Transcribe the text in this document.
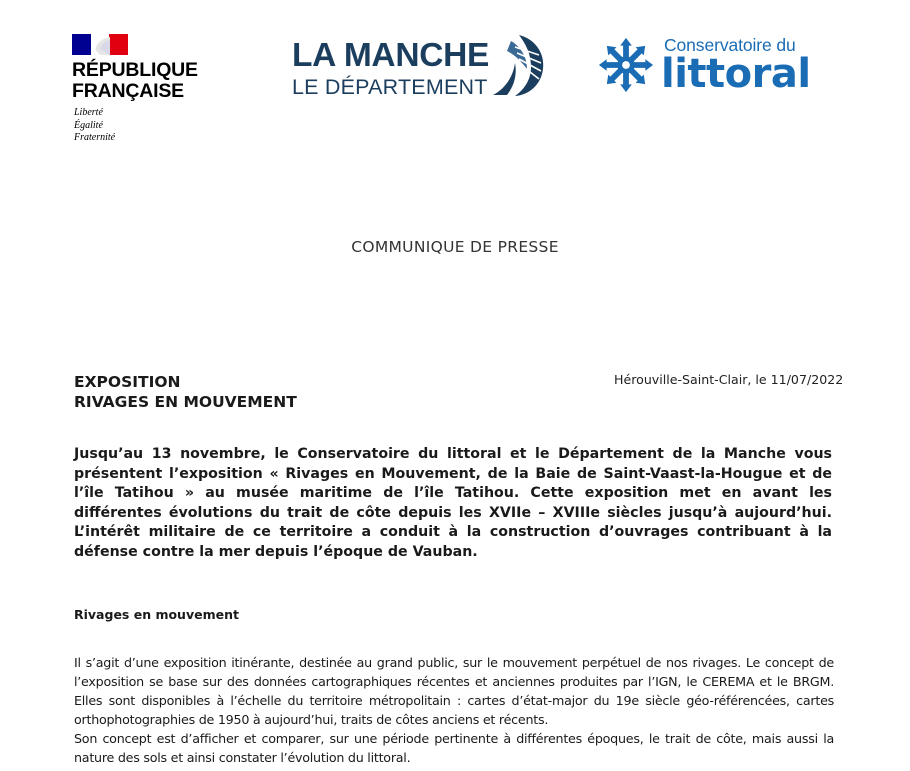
RÉPUBLIQUE
FRANÇAISE
Liberté
Égalité
Fraternité
LA MANCHE
LE DÉPARTEMENT
Conservatoire du
littoral
COMMUNIQUE DE PRESSE
EXPOSITION
RIVAGES EN MOUVEMENT
Hérouville-Saint-Clair, le 11/07/2022

Jusqu’au 13 novembre, le Conservatoire du littoral et le Département de la Manche vous présentent l’exposition « Rivages en Mouvement, de la Baie de Saint-Vaast-la-Hougue et de l’île Tatihou » au musée maritime de l’île Tatihou. Cette exposition met en avant les différentes évolutions du trait de côte depuis les XVIIe – XVIIIe siècles jusqu’à aujourd’hui. L’intérêt militaire de ce territoire a conduit à la construction d’ouvrages contribuant à la défense contre la mer depuis l’époque de Vauban.

Rivages en mouvement

Il s’agit d’une exposition itinérante, destinée au grand public, sur le mouvement perpétuel de nos rivages. Le concept de l’exposition se base sur des données cartographiques récentes et anciennes produites par l’IGN, le CEREMA et le BRGM. Elles sont disponibles à l’échelle du territoire métropolitain : cartes d’état-major du 19e siècle géo-référencées, cartes orthophotographies de 1950 à aujourd’hui, traits de côtes anciens et récents.

Son concept est d’afficher et comparer, sur une période pertinente à différentes époques, le trait de côte, mais aussi la nature des sols et ainsi constater l’évolution du littoral.
